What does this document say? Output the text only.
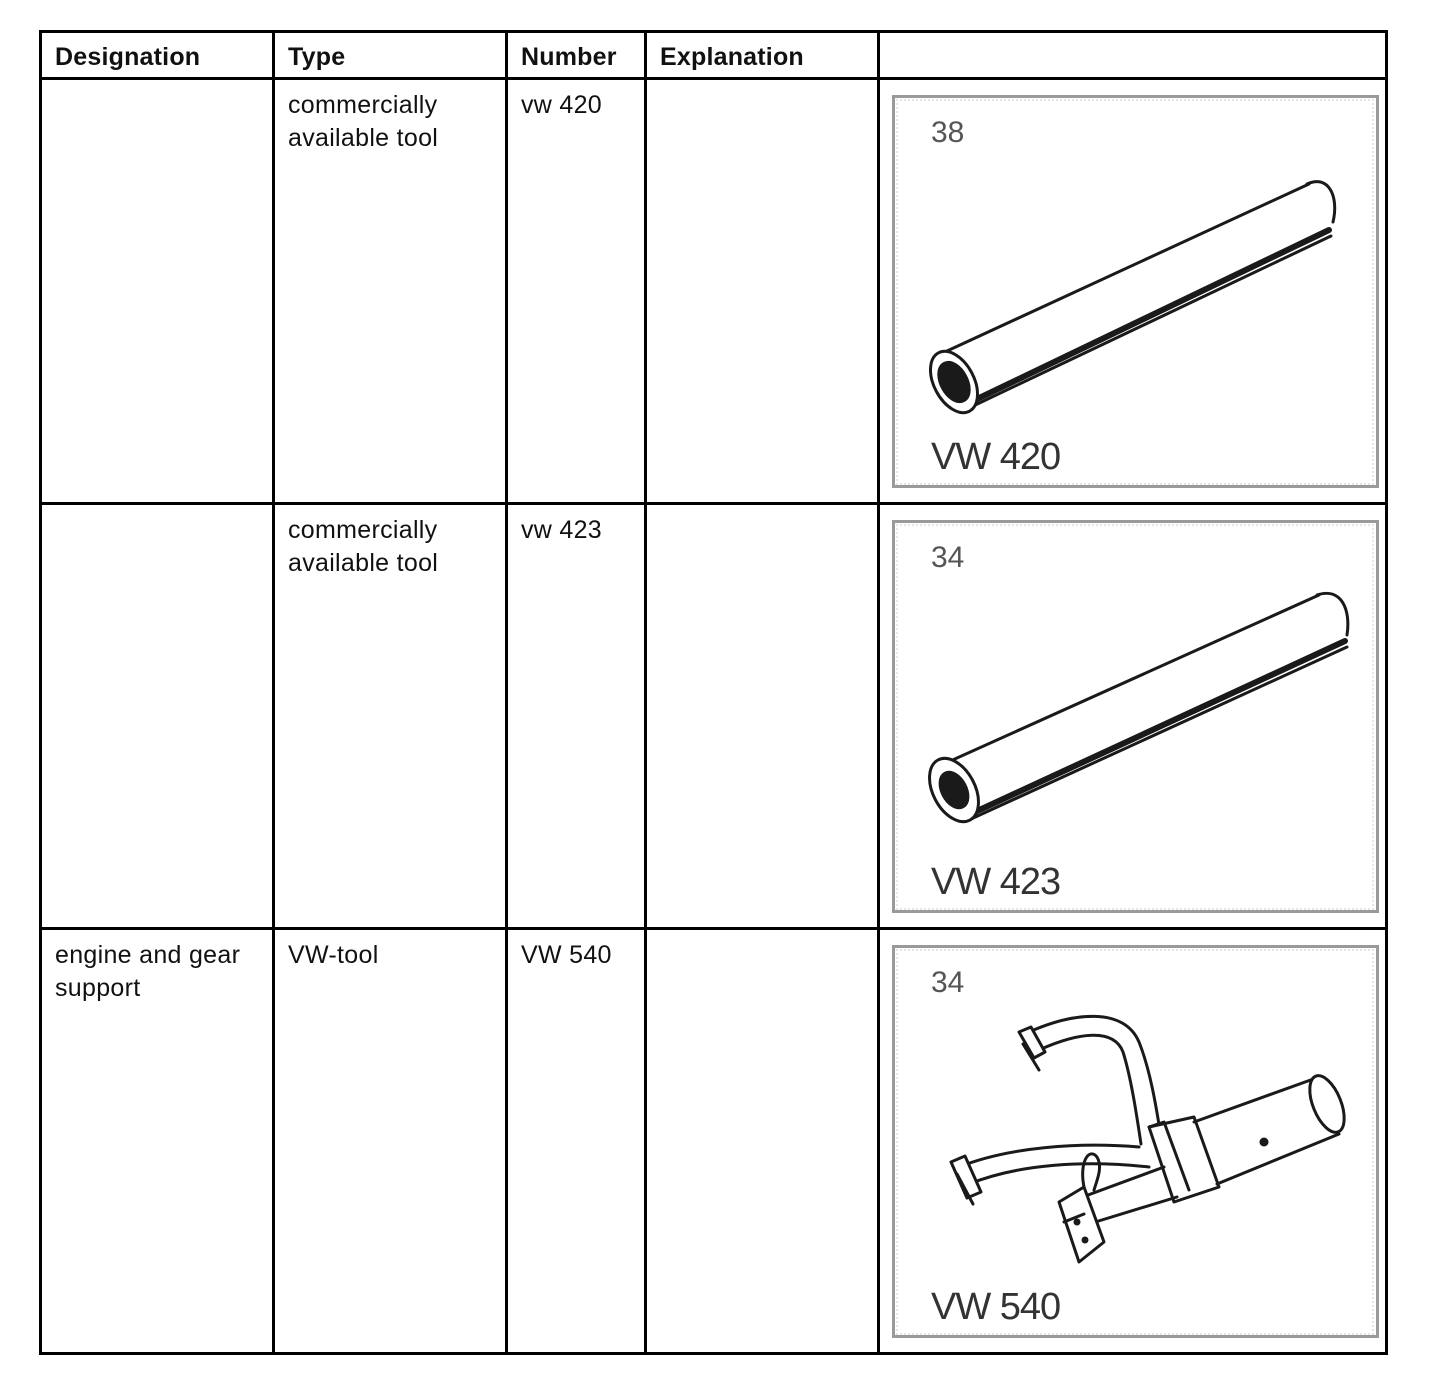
Designation	Type	Number	Explanation	
	commercially available tool	vw 420		38
VW 420

	commercially available tool	vw 423		34
VW 423

engine and gear support	VW-tool	VW 540		34
VW 540
